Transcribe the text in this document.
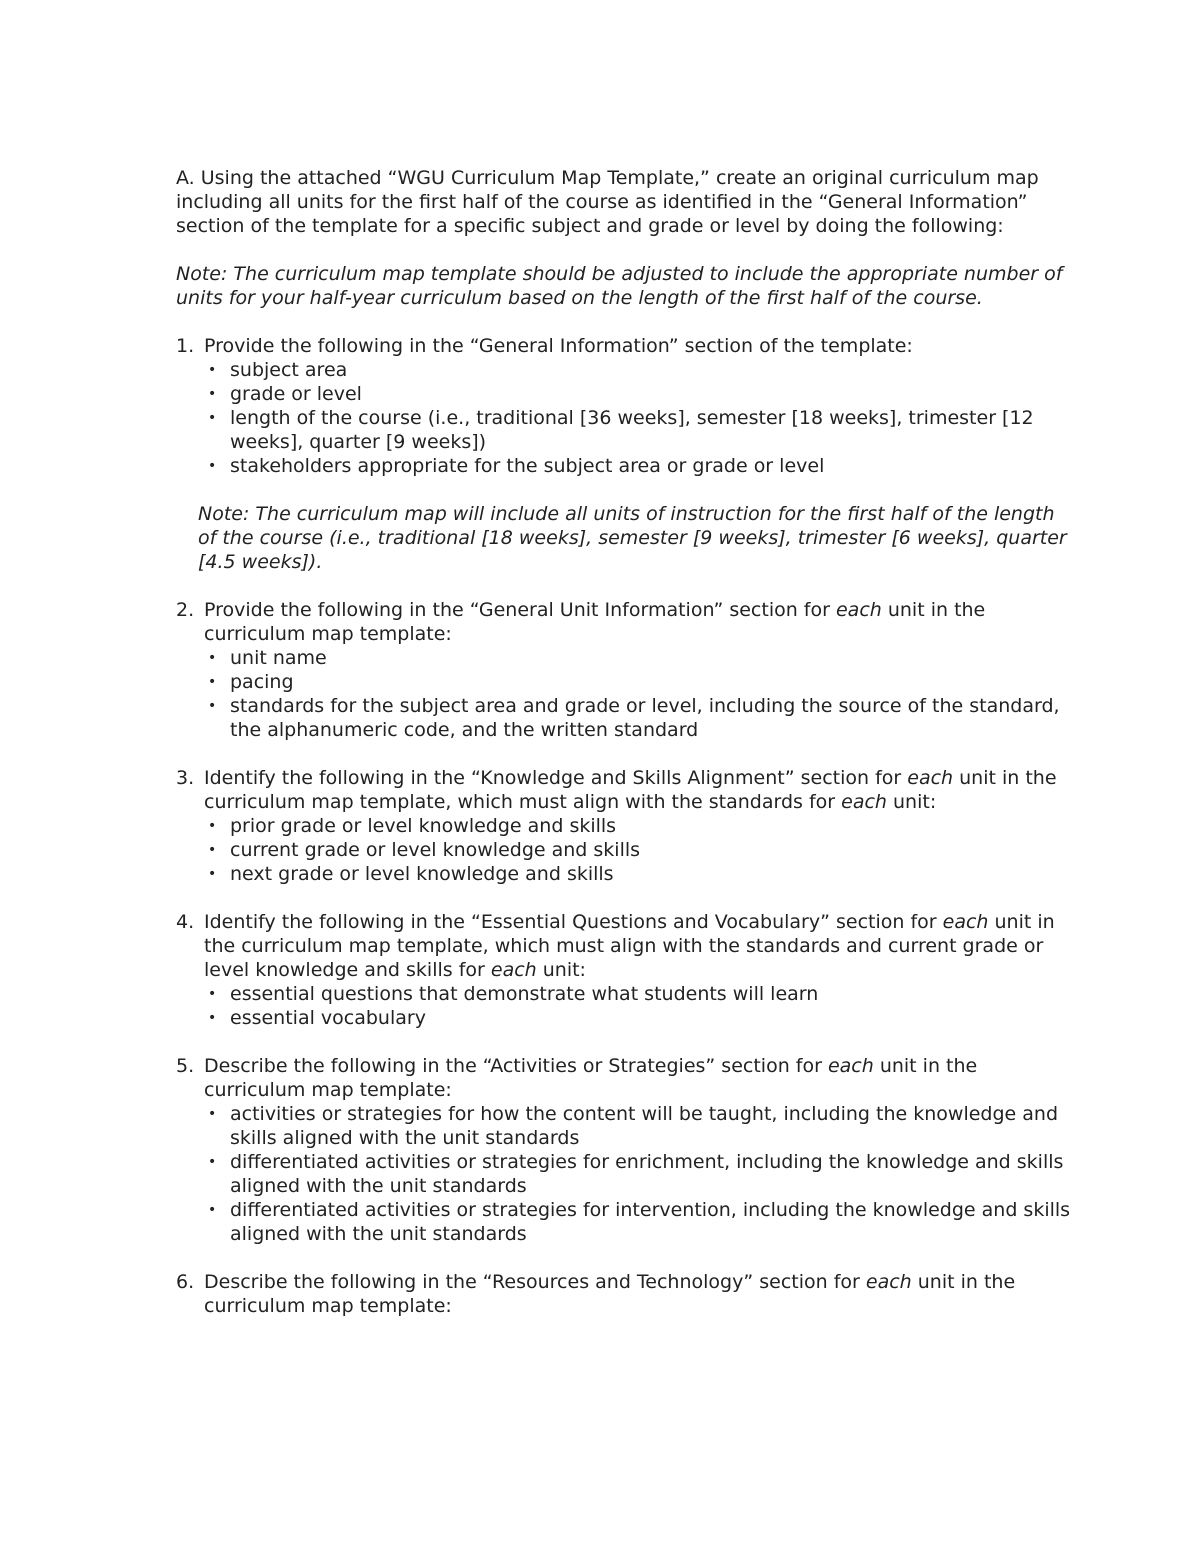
A. Using the attached “WGU Curriculum Map Template,” create an original curriculum map including all units for the first half of the course as identified in the “General Information” section of the template for a specific subject and grade or level by doing the following:

Note: The curriculum map template should be adjusted to include the appropriate number of units for your half-year curriculum based on the length of the first half of the course.

1. Provide the following in the “General Information” section of the template:

• subject area
• grade or level
• length of the course (i.e., traditional [36 weeks], semester [18 weeks], trimester [12 weeks], quarter [9 weeks])
• stakeholders appropriate for the subject area or grade or level

Note: The curriculum map will include all units of instruction for the first half of the length of the course (i.e., traditional [18 weeks], semester [9 weeks], trimester [6 weeks], quarter [4.5 weeks]).

2. Provide the following in the “General Unit Information” section for each unit in the curriculum map template:

• unit name
• pacing
• standards for the subject area and grade or level, including the source of the standard, the alphanumeric code, and the written standard
3. Identify the following in the “Knowledge and Skills Alignment” section for each unit in the curriculum map template, which must align with the standards for each unit:

• prior grade or level knowledge and skills
• current grade or level knowledge and skills
• next grade or level knowledge and skills
4. Identify the following in the “Essential Questions and Vocabulary” section for each unit in the curriculum map template, which must align with the standards and current grade or level knowledge and skills for each unit:

• essential questions that demonstrate what students will learn
• essential vocabulary
5. Describe the following in the “Activities or Strategies” section for each unit in the curriculum map template:

• activities or strategies for how the content will be taught, including the knowledge and skills aligned with the unit standards
• differentiated activities or strategies for enrichment, including the knowledge and skills aligned with the unit standards
• differentiated activities or strategies for intervention, including the knowledge and skills aligned with the unit standards
6. Describe the following in the “Resources and Technology” section for each unit in the curriculum map template:
